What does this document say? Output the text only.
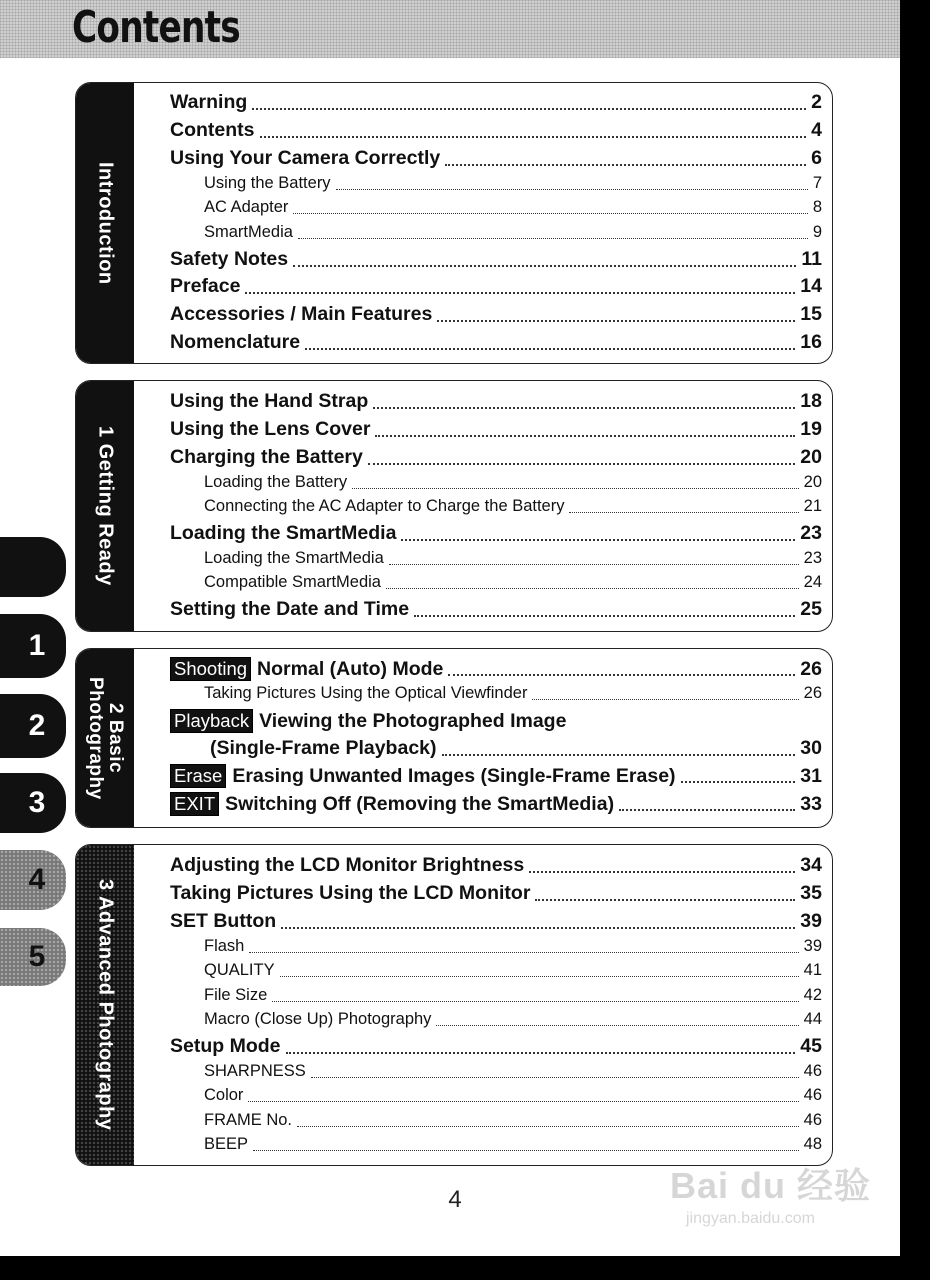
Contents
1
2
3
4
5
Introduction
Warning	2
Contents	4
Using Your Camera Correctly	6
Using the Battery	7
AC Adapter	8
SmartMedia	9
Safety Notes	11
Preface	14
Accessories / Main Features	15
Nomenclature	16
1 Getting Ready
Using the Hand Strap	18
Using the Lens Cover	19
Charging the Battery	20
Loading the Battery	20
Connecting the AC Adapter to Charge the Battery	21
Loading the SmartMedia	23
Loading the SmartMedia	23
Compatible SmartMedia	24
Setting the Date and Time	25
2 Basic
Photography
Shooting Normal (Auto) Mode	26
Taking Pictures Using the Optical Viewfinder	26
Playback Viewing the Photographed Image
(Single-Frame Playback)	30
Erase Erasing Unwanted Images (Single-Frame Erase)	31
EXIT Switching Off (Removing the SmartMedia)	33
3 Advanced Photography
Adjusting the LCD Monitor Brightness	34
Taking Pictures Using the LCD Monitor	35
SET Button	39
Flash	39
QUALITY	41
File Size	42
Macro (Close Up) Photography	44
Setup Mode	45
SHARPNESS	46
Color	46
FRAME No.	46
BEEP	48
4	Bai du 经验
jingyan.baidu.com
